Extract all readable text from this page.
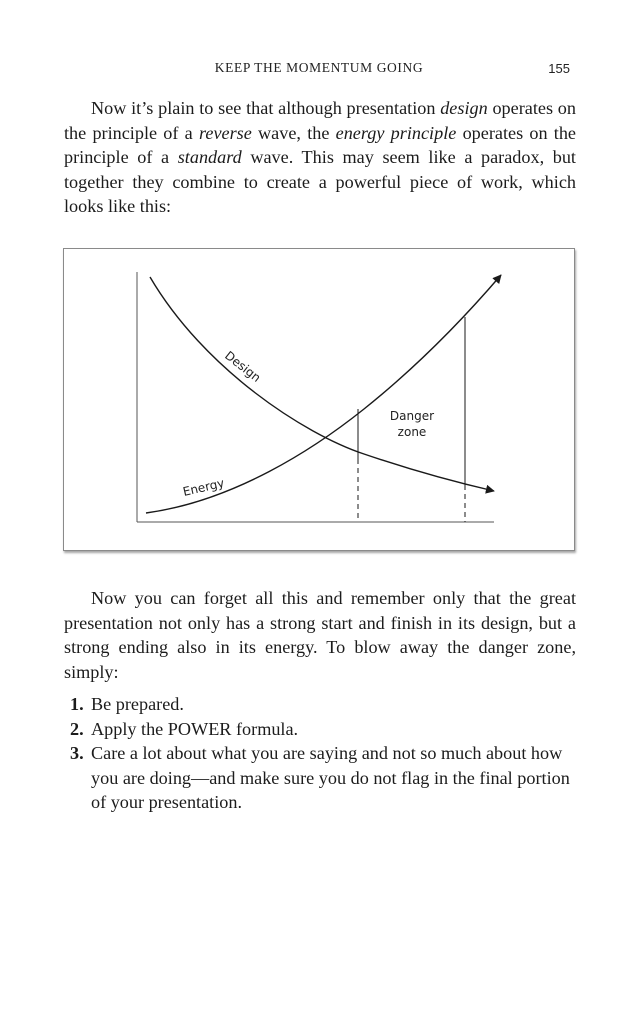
KEEP THE MOMENTUM GOING	155

Now it’s plain to see that although presentation design operates on the principle of a reverse wave, the energy principle operates on the principle of a standard wave. This may seem like a paradox, but together they combine to create a powerful piece of work, which looks like this:

Design
Energy
Danger
zone

Now you can forget all this and remember only that the great presentation not only has a strong start and finish in its design, but a strong ending also in its energy. To blow away the danger zone, simply:

1. Be prepared.
2. Apply the POWER formula.
3. Care a lot about what you are saying and not so much about how you are doing—and make sure you do not flag in the final portion of your presentation.
